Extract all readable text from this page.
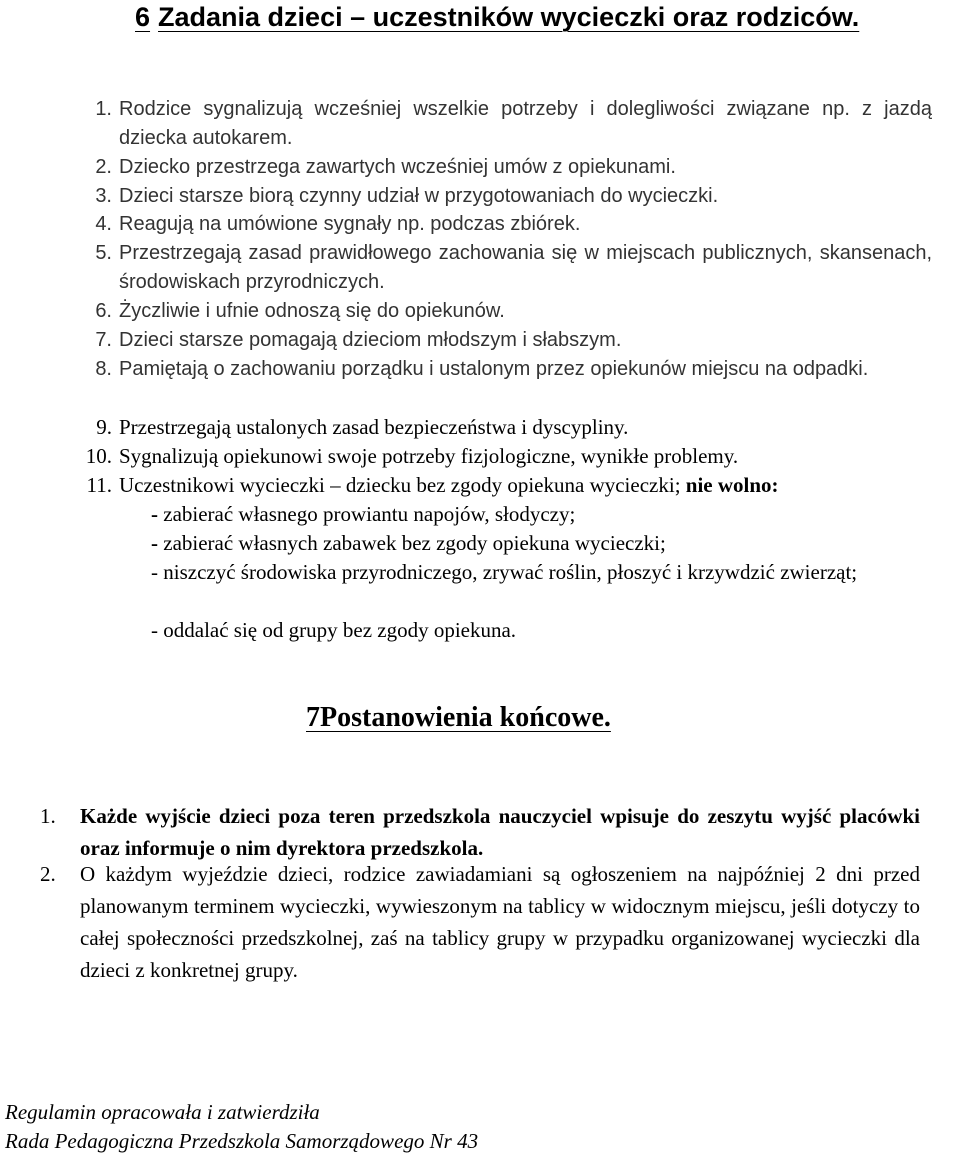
6 Zadania dzieci – uczestników wycieczki oraz rodziców.
1. Rodzice sygnalizują wcześniej wszelkie potrzeby i dolegliwości związane np. z jazdą dziecka autokarem.
2. Dziecko przestrzega zawartych wcześniej umów z opiekunami.
3. Dzieci starsze biorą czynny udział w przygotowaniach do wycieczki.
4. Reagują na umówione sygnały np. podczas zbiórek.
5. Przestrzegają zasad prawidłowego zachowania się w miejscach publicznych, skansenach, środowiskach przyrodniczych.
6. Życzliwie i ufnie odnoszą się do opiekunów.
7. Dzieci starsze pomagają dzieciom młodszym i słabszym.
8. Pamiętają o zachowaniu porządku i ustalonym przez opiekunów miejscu na odpadki.
9. Przestrzegają ustalonych zasad bezpieczeństwa i dyscypliny.
10. Sygnalizują opiekunowi swoje potrzeby fizjologiczne, wynikłe problemy.
11. Uczestnikowi wycieczki – dziecku bez zgody opiekuna wycieczki; nie wolno:
- zabierać własnego prowiantu napojów, słodyczy;
- zabierać własnych zabawek bez zgody opiekuna wycieczki;
- niszczyć środowiska przyrodniczego, zrywać roślin, płoszyć i krzywdzić zwierząt;
- oddalać się od grupy bez zgody opiekuna.
7Postanowienia końcowe.
1. Każde wyjście dzieci poza teren przedszkola nauczyciel wpisuje do zeszytu wyjść placówki oraz informuje o nim dyrektora przedszkola.
2. O każdym wyjeździe dzieci, rodzice zawiadamiani są ogłoszeniem na najpóźniej 2 dni przed planowanym terminem wycieczki, wywieszonym na tablicy w widocznym miejscu, jeśli dotyczy to całej społeczności przedszkolnej, zaś na tablicy grupy w przypadku organizowanej wycieczki dla dzieci z konkretnej grupy.
Regulamin opracowała i zatwierdziła
Rada Pedagogiczna Przedszkola Samorządowego Nr 43
